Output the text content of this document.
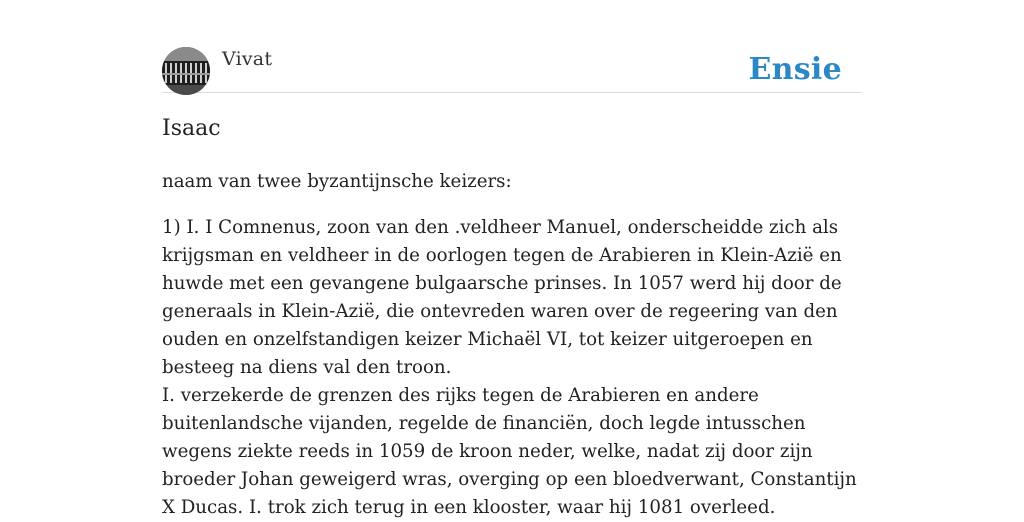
Vivat	Ensie
Isaac

naam van twee byzantijnsche keizers:

1) I. I Comnenus, zoon van den .veldheer Manuel, onderscheidde zich als krijgsman en veldheer in de oorlogen tegen de Arabieren in Klein-Azië en huwde met een gevangene bulgaarsche prinses. In 1057 werd hij door de generaals in Klein-Azië, die ontevreden waren over de regeering van den ouden en onzelfstandigen keizer Michaël VI, tot keizer uitgeroepen en besteeg na diens val den troon.

I. verzekerde de grenzen des rijks tegen de Arabieren en andere buitenlandsche vijanden, regelde de financiën, doch legde intusschen wegens ziekte reeds in 1059 de kroon neder, welke, nadat zij door zijn broeder Johan geweigerd wras, overging op een bloedverwant, Constantijn X Ducas. I. trok zich terug in een klooster, waar hij 1081 overleed.
